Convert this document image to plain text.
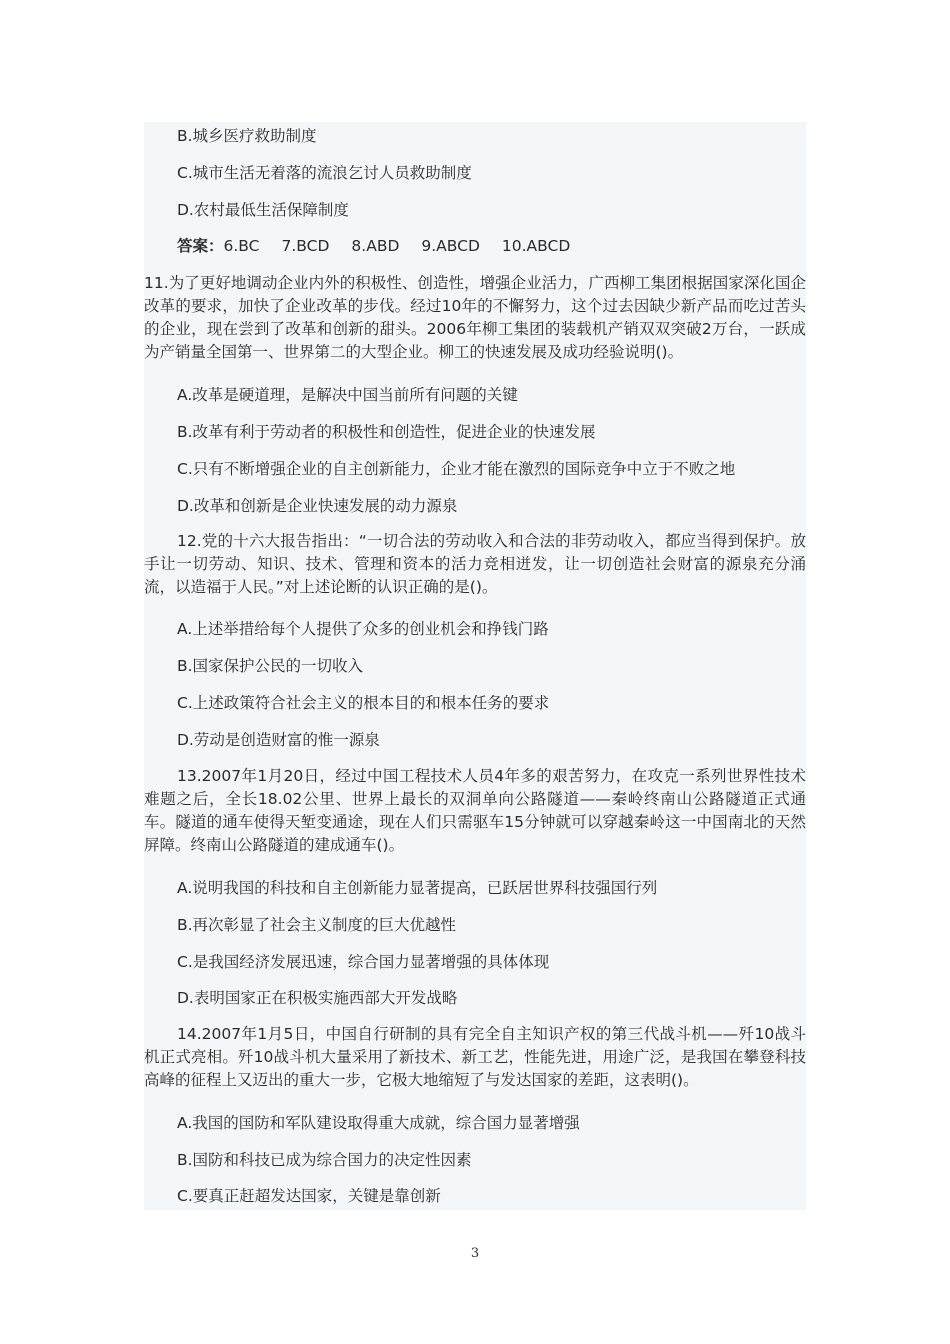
B.城乡医疗救助制度
C.城市生活无着落的流浪乞讨人员救助制度
D.农村最低生活保障制度
答案：6.BC 7.BCD 8.ABD 9.ABCD 10.ABCD

11.为了更好地调动企业内外的积极性、创造性，增强企业活力，广西柳工集团根据国家深化国企改革的要求，加快了企业改革的步伐。经过10年的不懈努力，这个过去因缺少新产品而吃过苦头的企业，现在尝到了改革和创新的甜头。2006年柳工集团的装载机产销双双突破2万台，一跃成为产销量全国第一、世界第二的大型企业。柳工的快速发展及成功经验说明()。

A.改革是硬道理，是解决中国当前所有问题的关键
B.改革有利于劳动者的积极性和创造性，促进企业的快速发展
C.只有不断增强企业的自主创新能力，企业才能在激烈的国际竞争中立于不败之地
D.改革和创新是企业快速发展的动力源泉

12.党的十六大报告指出：“一切合法的劳动收入和合法的非劳动收入，都应当得到保护。放手让一切劳动、知识、技术、管理和资本的活力竞相迸发，让一切创造社会财富的源泉充分涌流，以造福于人民。”对上述论断的认识正确的是()。

A.上述举措给每个人提供了众多的创业机会和挣钱门路
B.国家保护公民的一切收入
C.上述政策符合社会主义的根本目的和根本任务的要求
D.劳动是创造财富的惟一源泉

13.2007年1月20日，经过中国工程技术人员4年多的艰苦努力，在攻克一系列世界性技术难题之后，全长18.02公里、世界上最长的双洞单向公路隧道——秦岭终南山公路隧道正式通车。隧道的通车使得天堑变通途，现在人们只需驱车15分钟就可以穿越秦岭这一中国南北的天然屏障。终南山公路隧道的建成通车()。

A.说明我国的科技和自主创新能力显著提高，已跃居世界科技强国行列
B.再次彰显了社会主义制度的巨大优越性
C.是我国经济发展迅速，综合国力显著增强的具体体现
D.表明国家正在积极实施西部大开发战略

14.2007年1月5日，中国自行研制的具有完全自主知识产权的第三代战斗机——歼10战斗机正式亮相。歼10战斗机大量采用了新技术、新工艺，性能先进，用途广泛，是我国在攀登科技高峰的征程上又迈出的重大一步，它极大地缩短了与发达国家的差距，这表明()。

A.我国的国防和军队建设取得重大成就，综合国力显著增强
B.国防和科技已成为综合国力的决定性因素
C.要真正赶超发达国家，关键是靠创新
3
